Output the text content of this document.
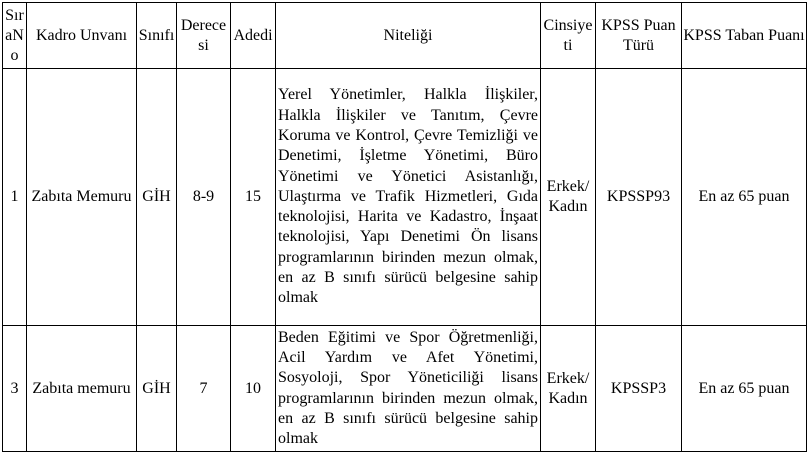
SıraNo	Kadro Unvanı	Sınıfı	Derecesi	Adedi	Niteliği	Cinsiyeti	KPSS Puan Türü	KPSS Taban Puanı
1	Zabıta Memuru	GİH	8-9	15	Yerel Yönetimler, Halkla İlişkiler, Halkla İlişkiler ve Tanıtım, Çevre Koruma ve Kontrol, Çevre Temizliği ve Denetimi, İşletme Yönetimi, Büro Yönetimi ve Yönetici Asistanlığı, Ulaştırma ve Trafik Hizmetleri, Gıda teknolojisi, Harita ve Kadastro, İnşaat teknolojisi, Yapı Denetimi Ön lisans programlarının birinden mezun olmak, en az B sınıfı sürücü belgesine sahip olmak	Erkek/ Kadın	KPSSP93	En az 65 puan
3	Zabıta memuru	GİH	7	10	Beden Eğitimi ve Spor Öğretmenliği, Acil Yardım ve Afet Yönetimi, Sosyoloji, Spor Yöneticiliği lisans programlarının birinden mezun olmak, en az B sınıfı sürücü belgesine sahip olmak	Erkek/ Kadın	KPSSP3	En az 65 puan
